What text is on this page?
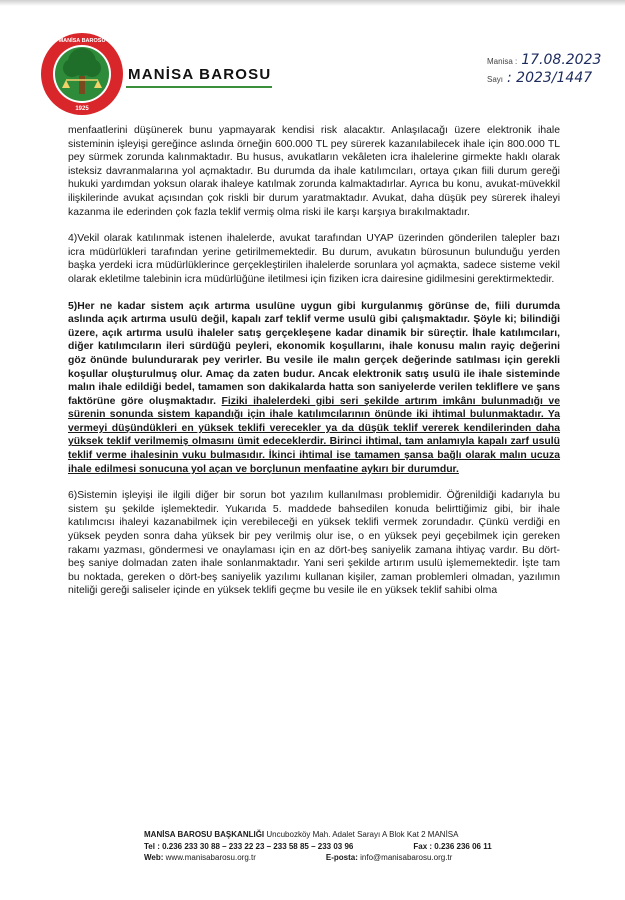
1925
MANİSA BAROSU
MANİSA BAROSU
Manisa : 17.08.2023
Sayı : 2023/1447

menfaatlerini düşünerek bunu yapmayarak kendisi risk alacaktır. Anlaşılacağı üzere elektronik ihale sisteminin işleyişi gereğince aslında örneğin 600.000 TL pey sürerek kazanılabilecek ihale için 800.000 TL pey sürmek zorunda kalınmaktadır. Bu husus, avukatların vekâleten icra ihalelerine girmekte haklı olarak isteksiz davranmalarına yol açmaktadır. Bu durumda da ihale katılımcıları, ortaya çıkan fiili durum gereği hukuki yardımdan yoksun olarak ihaleye katılmak zorunda kalmaktadırlar. Ayrıca bu konu, avukat-müvekkil ilişkilerinde avukat açısından çok riskli bir durum yaratmaktadır. Avukat, daha düşük pey sürerek ihaleyi kazanma ile ederinden çok fazla teklif vermiş olma riski ile karşı karşıya bırakılmaktadır.

4)Vekil olarak katılınmak istenen ihalelerde, avukat tarafından UYAP üzerinden gönderilen talepler bazı icra müdürlükleri tarafından yerine getirilmemektedir. Bu durum, avukatın bürosunun bulunduğu yerden başka yerdeki icra müdürlüklerince gerçekleştirilen ihalelerde sorunlara yol açmakta, sadece sisteme vekil olarak ekletilme talebinin icra müdürlüğüne iletilmesi için fiziken icra dairesine gidilmesini gerektirmektedir.

5)Her ne kadar sistem açık artırma usulüne uygun gibi kurgulanmış görünse de, fiili durumda aslında açık artırma usulü değil, kapalı zarf teklif verme usulü gibi çalışmaktadır. Şöyle ki; bilindiği üzere, açık artırma usulü ihaleler satış gerçekleşene kadar dinamik bir süreçtir. İhale katılımcıları, diğer katılımcıların ileri sürdüğü peyleri, ekonomik koşullarını, ihale konusu malın rayiç değerini göz önünde bulundurarak pey verirler. Bu vesile ile malın gerçek değerinde satılması için gerekli koşullar oluşturulmuş olur. Amaç da zaten budur. Ancak elektronik satış usulü ile ihale sisteminde malın ihale edildiği bedel, tamamen son dakikalarda hatta son saniyelerde verilen tekliflere ve şans faktörüne göre oluşmaktadır. Fiziki ihalelerdeki gibi seri şekilde artırım imkânı bulunmadığı ve sürenin sonunda sistem kapandığı için ihale katılımcılarının önünde iki ihtimal bulunmaktadır. Ya vermeyi düşündükleri en yüksek teklifi verecekler ya da düşük teklif vererek kendilerinden daha yüksek teklif verilmemiş olmasını ümit edeceklerdir. Birinci ihtimal, tam anlamıyla kapalı zarf usulü teklif verme ihalesinin vuku bulmasıdır. İkinci ihtimal ise tamamen şansa bağlı olarak malın ucuza ihale edilmesi sonucuna yol açan ve borçlunun menfaatine aykırı bir durumdur.

6)Sistemin işleyişi ile ilgili diğer bir sorun bot yazılım kullanılması problemidir. Öğrenildiği kadarıyla bu sistem şu şekilde işlemektedir. Yukarıda 5. maddede bahsedilen konuda belirttiğimiz gibi, bir ihale katılımcısı ihaleyi kazanabilmek için verebileceği en yüksek teklifi vermek zorundadır. Çünkü verdiği en yüksek peyden sonra daha yüksek bir pey verilmiş olur ise, o en yüksek peyi geçebilmek için gereken rakamı yazması, göndermesi ve onaylaması için en az dört-beş saniyelik zamana ihtiyaç vardır. Bu dört-beş saniye dolmadan zaten ihale sonlanmaktadır. Yani seri şekilde artırım usulü işlememektedir. İşte tam bu noktada, gereken o dört-beş saniyelik yazılımı kullanan kişiler, zaman problemleri olmadan, yazılımın niteliği gereği saliseler içinde en yüksek teklifi geçme bu vesile ile en yüksek teklif sahibi olma

MANİSA BAROSU BAŞKANLIĞI Uncubozköy Mah. Adalet Sarayı A Blok Kat 2 MANİSA
Tel : 0.236 233 30 88 – 233 22 23 – 233 58 85 – 233 03 96	Fax : 0.236 236 06 11
Web: www.manisabarosu.org.tr	E-posta: info@manisabarosu.org.tr
